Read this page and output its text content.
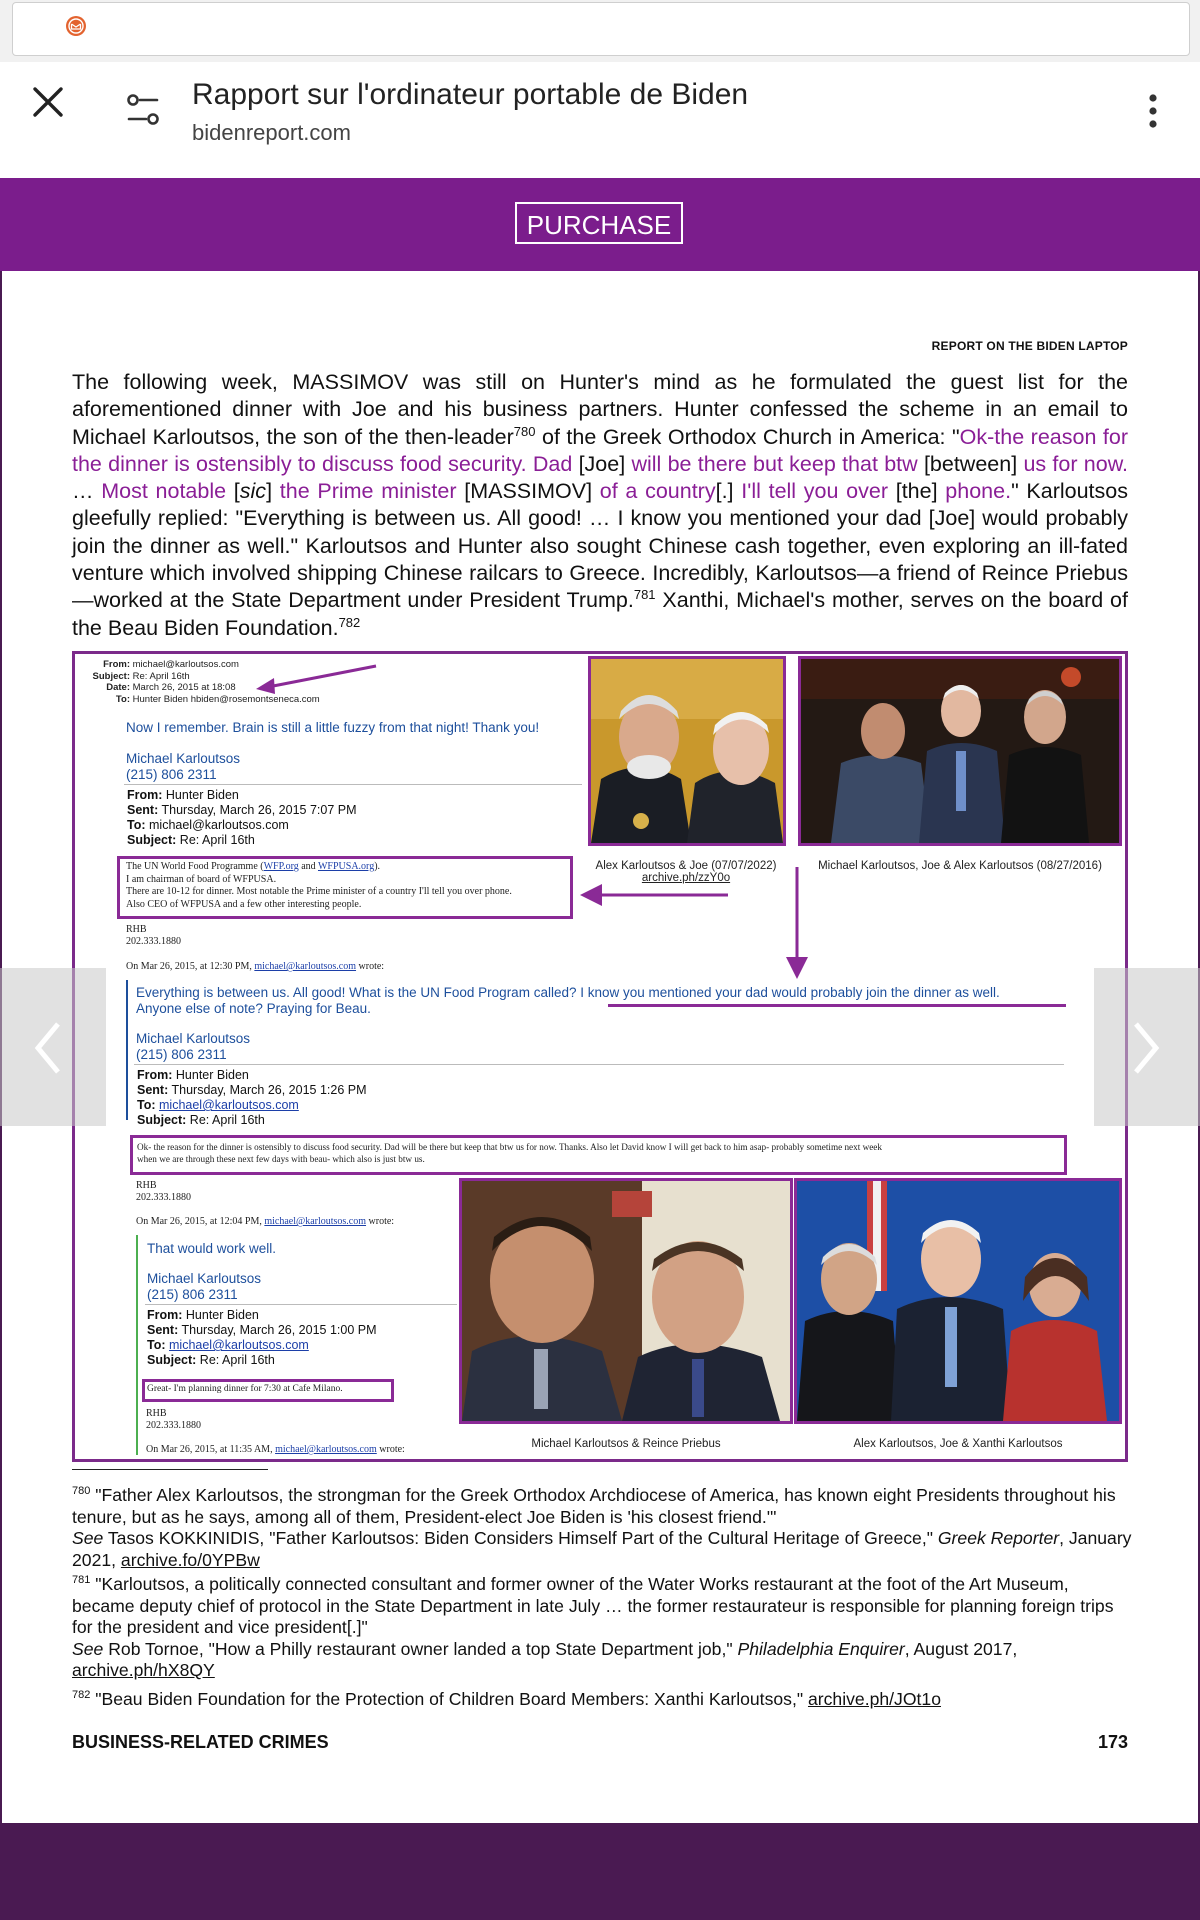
Rapport sur l'ordinateur portable de Biden
bidenreport.com
PURCHASE
REPORT ON THE BIDEN LAPTOP
The following week, MASSIMOV was still on Hunter's mind as he formulated the guest list for the aforementioned dinner with Joe and his business partners. Hunter confessed the scheme in an email to Michael Karloutsos, the son of the then-leader$^{780}$ of the Greek Orthodox Church in America: "Ok-the reason for the dinner is ostensibly to discuss food security. Dad [Joe] will be there but keep that btw [between] us for now. … Most notable [sic] the Prime minister [MASSIMOV] of a country[.] I'll tell you over [the] phone." Karloutsos gleefully replied: "Everything is between us. All good! … I know you mentioned your dad [Joe] would probably join the dinner as well." Karloutsos and Hunter also sought Chinese cash together, even exploring an ill-fated venture which involved shipping Chinese railcars to Greece. Incredibly, Karloutsos—a friend of Reince Priebus—worked at the State Department under President Trump.$^{781}$ Xanthi, Michael's mother, serves on the board of the Beau Biden Foundation.$^{782}$
From: michael@karloutsos.com
Subject: Re: April 16th
Date: March 26, 2015 at 18:08
To: Hunter Biden hbiden@rosemontseneca.com
Now I remember. Brain is still a little fuzzy from that night! Thank you!
Michael Karloutsos
(215) 806 2311
From: Hunter Biden
Sent: Thursday, March 26, 2015 7:07 PM
To: michael@karloutsos.com
Subject: Re: April 16th
The UN World Food Programme (WFP.org and WFPUSA.org).
I am chairman of board of WFPUSA.
There are 10-12 for dinner. Most notable the Prime minister of a country I'll tell you over phone.
Also CEO of WFPUSA and a few other interesting people.
RHB
202.333.1880
On Mar 26, 2015, at 12:30 PM, michael@karloutsos.com wrote:
Everything is between us. All good! What is the UN Food Program called? I know you mentioned your dad would probably join the dinner as well.
Anyone else of note? Praying for Beau.
Michael Karloutsos
(215) 806 2311
From: Hunter Biden
Sent: Thursday, March 26, 2015 1:26 PM
To: michael@karloutsos.com
Subject: Re: April 16th
Ok- the reason for the dinner is ostensibly to discuss food security. Dad will be there but keep that btw us for now. Thanks. Also let David know I will get back to him asap- probably sometime next week
when we are through these next few days with beau- which also is just btw us.
RHB
202.333.1880
On Mar 26, 2015, at 12:04 PM, michael@karloutsos.com wrote:
That would work well.
Michael Karloutsos
(215) 806 2311
From: Hunter Biden
Sent: Thursday, March 26, 2015 1:00 PM
To: michael@karloutsos.com
Subject: Re: April 16th
Great- I'm planning dinner for 7:30 at Cafe Milano.
RHB
202.333.1880
On Mar 26, 2015, at 11:35 AM, michael@karloutsos.com wrote:
Alex Karloutsos & Joe (07/07/2022)
archive.ph/zzY0o
Michael Karloutsos, Joe & Alex Karloutsos (08/27/2016)
Michael Karloutsos & Reince Priebus	Alex Karloutsos, Joe & Xanthi Karloutsos
$^{780}$ "Father Alex Karloutsos, the strongman for the Greek Orthodox Archdiocese of America, has known eight Presidents throughout his tenure, but as he says, among all of them, President-elect Joe Biden is 'his closest friend.'"
See Tasos KOKKINIDIS, "Father Karloutsos: Biden Considers Himself Part of the Cultural Heritage of Greece," Greek Reporter, January 2021, archive.fo/0YPBw
$^{781}$ "Karloutsos, a politically connected consultant and former owner of the Water Works restaurant at the foot of the Art Museum, became deputy chief of protocol in the State Department in late July … the former restaurateur is responsible for planning foreign trips for the president and vice president[.]"
See Rob Tornoe, "How a Philly restaurant owner landed a top State Department job," Philadelphia Enquirer, August 2017, archive.ph/hX8QY
$^{782}$ "Beau Biden Foundation for the Protection of Children Board Members: Xanthi Karloutsos," archive.ph/JOt1o
BUSINESS-RELATED CRIMES	173
